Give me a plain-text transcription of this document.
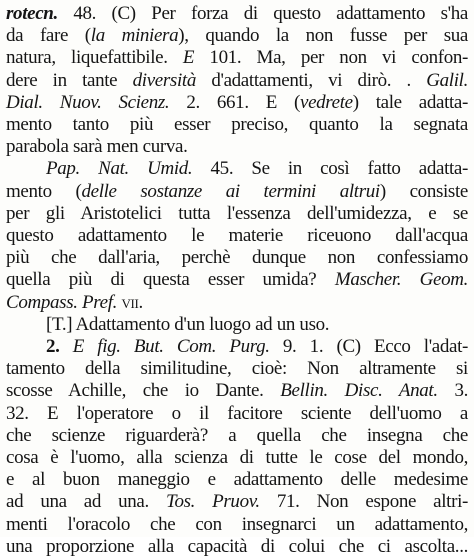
rotecn. 48. (C) Per forza di questo adattamento s'ha
da fare (la miniera), quando la non fusse per sua
natura, liquefattibile. E 101. Ma, per non vi confon-
dere in tante diversità d'adattamenti, vi dirò. . Galil.
Dial. Nuov. Scienz. 2. 661. E (vedrete) tale adatta-
mento tanto più esser preciso, quanto la segnata
parabola sarà men curva.
Pap. Nat. Umid. 45. Se in così fatto adatta-
mento (delle sostanze ai termini altrui) consiste
per gli Aristotelici tutta l'essenza dell'umidezza, e se
questo adattamento le materie riceuono dall'acqua
più che dall'aria, perchè dunque non confessiamo
quella più di questa esser umida? Mascher. Geom.
Compass. Pref. vii.
[T.] Adattamento d'un luogo ad un uso.
2. E fig. But. Com. Purg. 9. 1. (C) Ecco l'adat-
tamento della similitudine, cioè: Non altramente si
scosse Achille, che io Dante. Bellin. Disc. Anat. 3.
32. E l'operatore o il facitore sciente dell'uomo a
che scienze riguarderà? a quella che insegna che
cosa è l'uomo, alla scienza di tutte le cose del mondo,
e al buon maneggio e adattamento delle medesime
ad una ad una. Tos. Pruov. 71. Non espone altri-
menti l'oracolo che con insegnarci un adattamento,
una proporzione alla capacità di colui che ci ascolta...
